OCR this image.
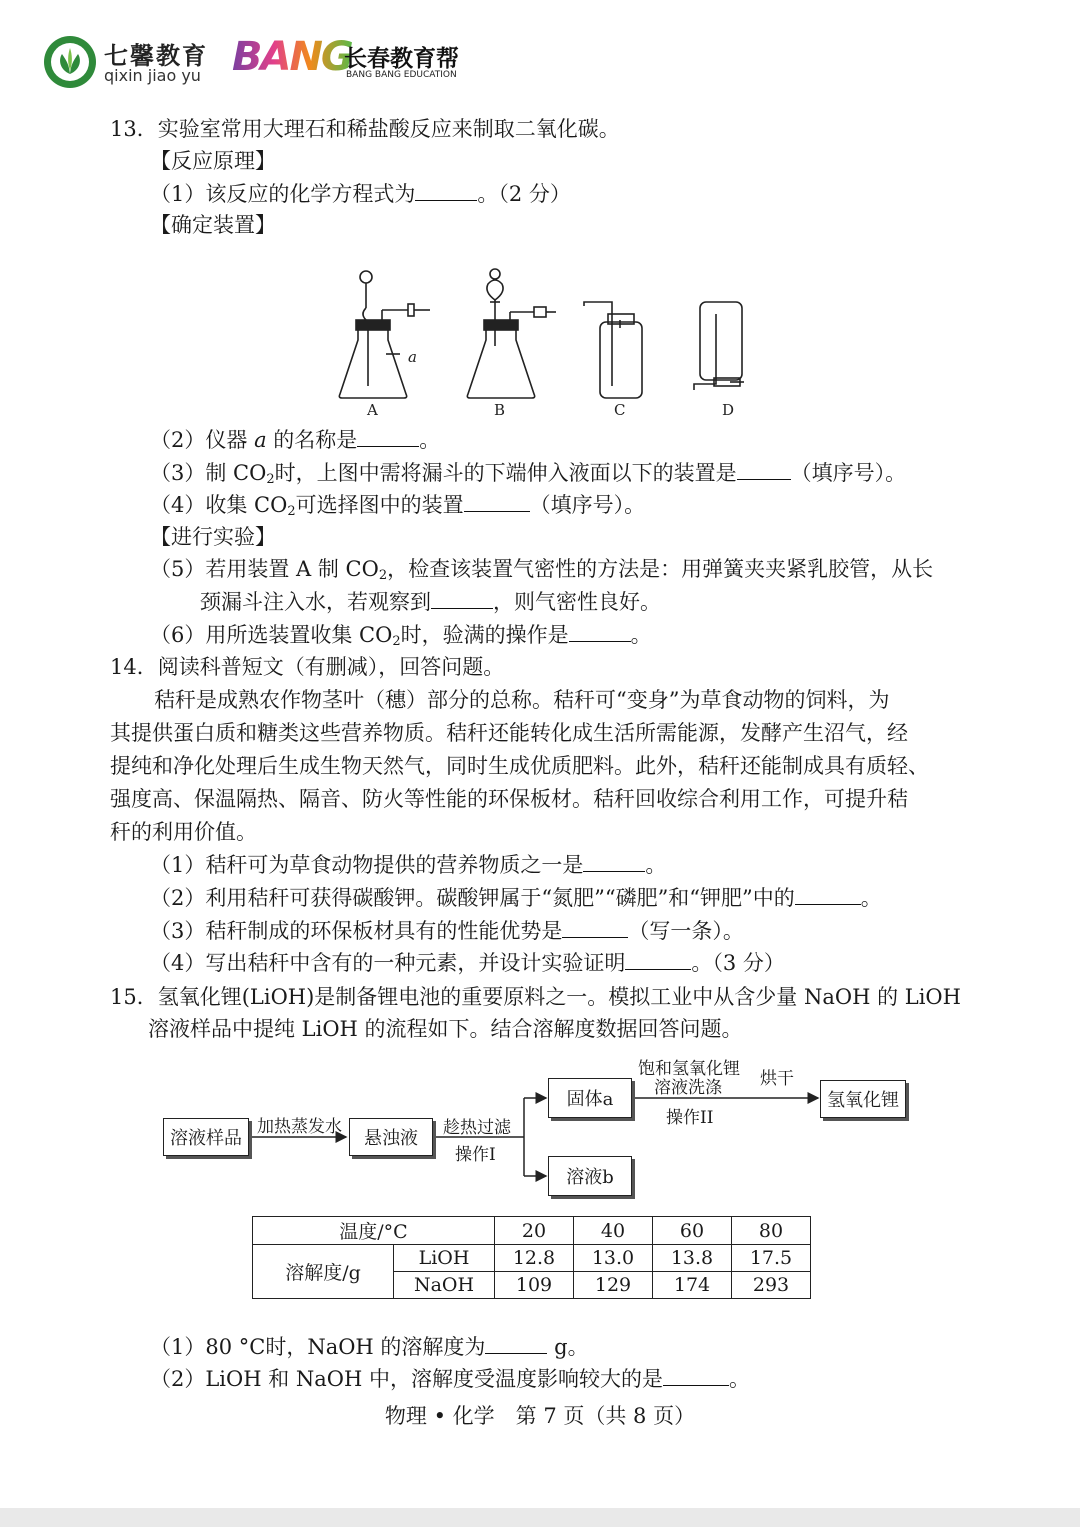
七馨教育
qixin jiao yu BANG
长春教育帮
BANG BANG EDUCATION
13．实验室常用大理石和稀盐酸反应来制取二氧化碳。
【反应原理】
（1）该反应的化学方程式为	。（2 分）
【确定装置】
a
A	B	C	D
（2）仪器 a 的名称是	。
（3）制 $CO_2$时，上图中需将漏斗的下端伸入液面以下的装置是	（填序号）。
（4）收集 $CO_2$可选择图中的装置	（填序号）。
【进行实验】
（5）若用装置 A 制 $CO_2$，检查该装置气密性的方法是：用弹簧夹夹紧乳胶管，从长
颈漏斗注入水，若观察到	，则气密性良好。
（6）用所选装置收集 $CO_2$时，验满的操作是	。
14．阅读科普短文（有删减），回答问题。
秸秆是成熟农作物茎叶（穗）部分的总称。秸秆可“变身”为草食动物的饲料，为
其提供蛋白质和糖类这些营养物质。秸秆还能转化成生活所需能源，发酵产生沼气，经
提纯和净化处理后生成生物天然气，同时生成优质肥料。此外，秸秆还能制成具有质轻、
强度高、保温隔热、隔音、防火等性能的环保板材。秸秆回收综合利用工作，可提升秸
秆的利用价值。
（1）秸秆可为草食动物提供的营养物质之一是	。
（2）利用秸秆可获得碳酸钾。碳酸钾属于“氮肥”“磷肥”和“钾肥”中的	。
（3）秸秆制成的环保板材具有的性能优势是	（写一条）。
（4）写出秸秆中含有的一种元素，并设计实验证明	。（3 分）
15．氢氧化锂(LiOH)是制备锂电池的重要原料之一。模拟工业中从含少量 NaOH 的 LiOH
溶液样品中提纯 LiOH 的流程如下。结合溶解度数据回答问题。
溶液样品
加热蒸发水
悬浊液	趁热过滤
操作I
固体a
饱和氢氧化锂
溶液洗涤
操作II
烘干
氢氧化锂
溶液b
温度/°C		20	40	60	80
溶解度/g	LiOH	12.8	13.0	13.8	17.5
	NaOH	109	129	174	293
（1）80 °C时，NaOH 的溶解度为	g。
（2）LiOH 和 NaOH 中，溶解度受温度影响较大的是	。
物理 • 化学　第 7 页（共 8 页）
